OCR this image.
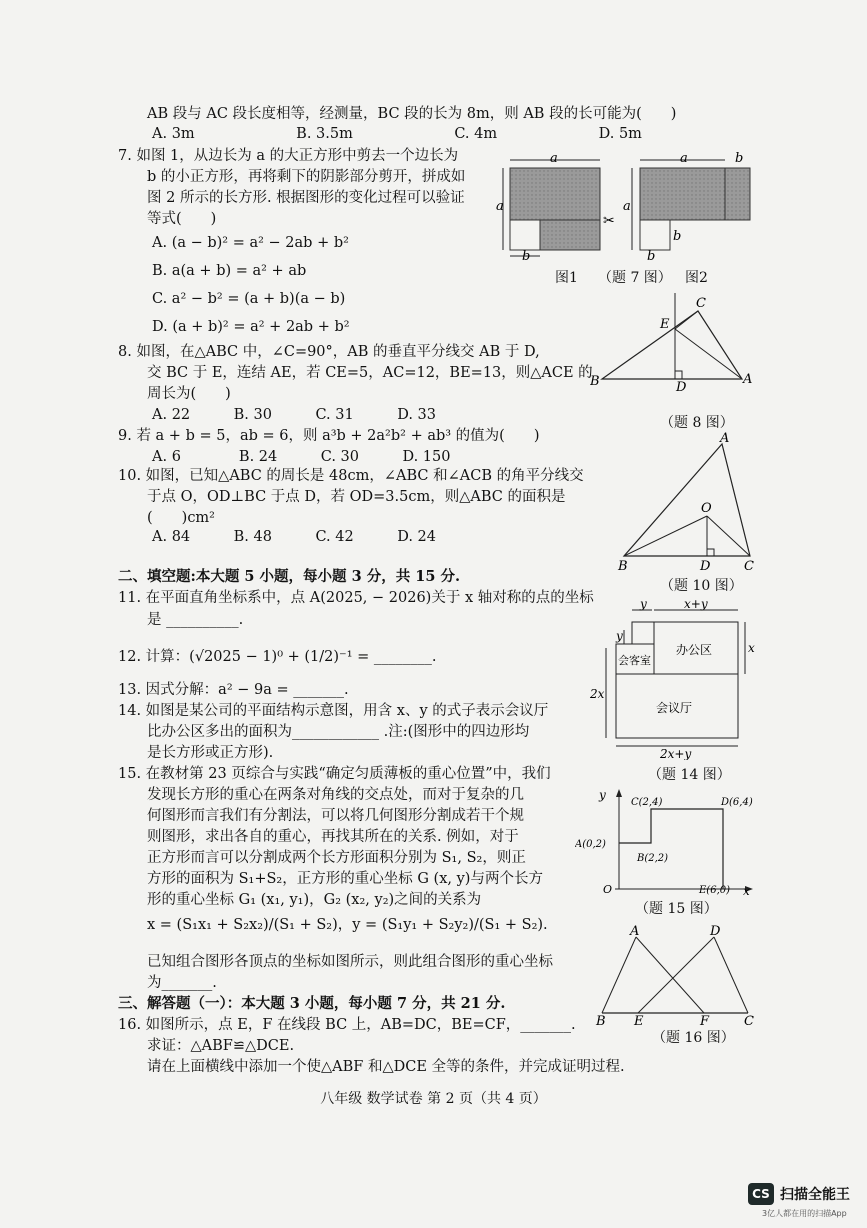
AB 段与 AC 段长度相等，经测量，BC 段的长为 8m，则 AB 段的长可能为(　　)
A. 3m　　　　　　　B. 3.5m　　　　　　　C. 4m　　　　　　　D. 5m
7. 如图 1，从边长为 a 的大正方形中剪去一个边长为
b 的小正方形，再将剩下的阴影部分剪开，拼成如
图 2 所示的长方形. 根据图形的变化过程可以验证
等式(　　)
A. (a − b)² = a² − 2ab + b²
B. a(a + b) = a² + ab
C. a² − b² = (a + b)(a − b)
D. (a + b)² = a² + 2ab + b²
8. 如图，在△ABC 中，∠C=90°，AB 的垂直平分线交 AB 于 D,
交 BC 于 E，连结 AE，若 CE=5，AC=12，BE=13，则△ACE 的
周长为(　　)
A. 22　　　B. 30　　　C. 31　　　D. 33
9. 若 a + b = 5，ab = 6，则 a³b + 2a²b² + ab³ 的值为(　　)
A. 6　　　　B. 24　　　C. 30　　　D. 150
10. 如图，已知△ABC 的周长是 48cm，∠ABC 和∠ACB 的角平分线交
于点 O，OD⊥BC 于点 D，若 OD=3.5cm，则△ABC 的面积是
(　　)cm²
A. 84　　　B. 48　　　C. 42　　　D. 24
二、填空题:本大题 5 小题，每小题 3 分，共 15 分.
11. 在平面直角坐标系中，点 A(2025, − 2026)关于 x 轴对称的点的坐标
是 __________.
12. 计算：(√2025 − 1)⁰ + (1/2)⁻¹ = ________.
13. 因式分解：a² − 9a = _______.
14. 如图是某公司的平面结构示意图，用含 x、y 的式子表示会议厅
比办公区多出的面积为____________ .注:(图形中的四边形均
是长方形或正方形).
15. 在教材第 23 页综合与实践“确定匀质薄板的重心位置”中，我们
发现长方形的重心在两条对角线的交点处，而对于复杂的几
何图形而言我们有分割法，可以将几何图形分割成若干个规
则图形，求出各自的重心，再找其所在的关系. 例如，对于
正方形而言可以分割成两个长方形面积分别为 S₁, S₂，则正
方形的面积为 S₁+S₂，正方形的重心坐标 G (x, y)与两个长方
形的重心坐标 G₁ (x₁, y₁)，G₂ (x₂, y₂)之间的关系为
x = (S₁x₁ + S₂x₂)/(S₁ + S₂)，y = (S₁y₁ + S₂y₂)/(S₁ + S₂).
已知组合图形各顶点的坐标如图所示，则此组合图形的重心坐标
为_______.
三、解答题（一）：本大题 3 小题，每小题 7 分，共 21 分.
16. 如图所示，点 E，F 在线段 BC 上，AB=DC，BE=CF，_______.
求证：△ABF≌△DCE.
请在上面横线中添加一个使△ABF 和△DCE 全等的条件，并完成证明过程.
图1 （题 7 图） 图2
（题 8 图）
（题 10 图）
（题 14 图）
（题 15 图）
（题 16 图）
a
a
b
✂
a	b
a
b
b
B	A
C
E
D
A
B	C
D
O
y	x+y
y
x
2x
办公区
会客室
会议厅
2x+y
y
x
O
A(0,2)
B(2,2)
C(2,4)	D(6,4)
E(6,0)
A	D
B E	F	C
八年级 数学试卷 第 2 页（共 4 页）
CS 扫描全能王
3亿人都在用的扫描App
